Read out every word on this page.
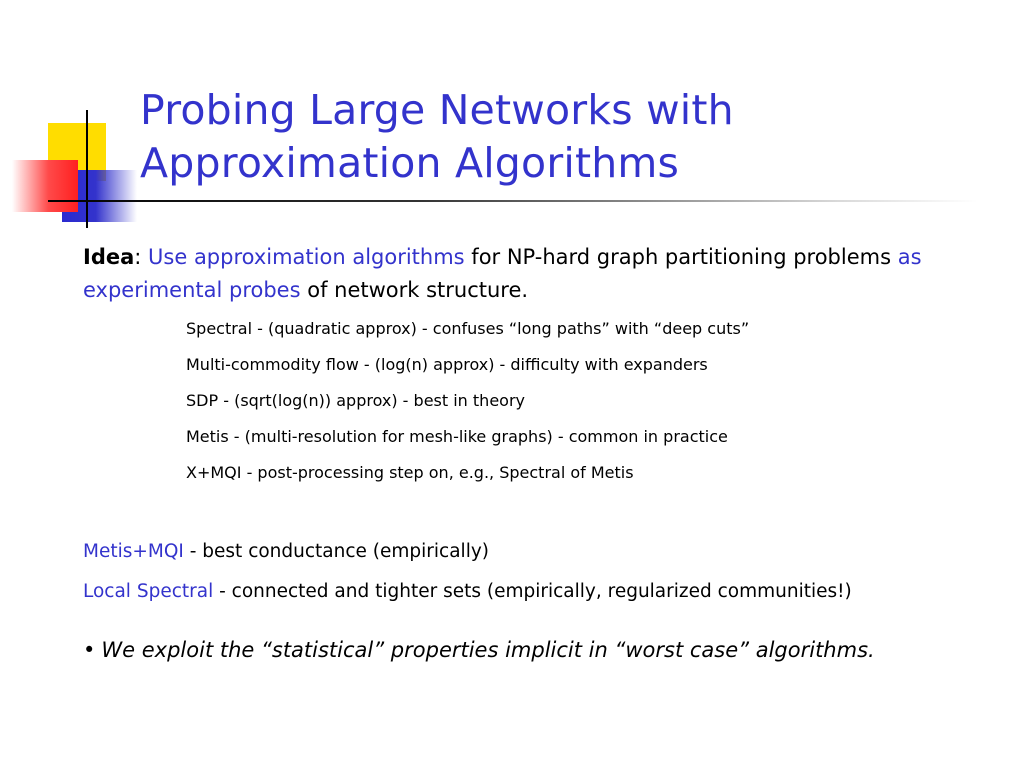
Probing Large Networks with
Approximation Algorithms

Idea: Use approximation algorithms for NP-hard graph partitioning problems as experimental probes of network structure.

Spectral - (quadratic approx) - confuses “long paths” with “deep cuts”
Multi-commodity flow - (log(n) approx) - difficulty with expanders
SDP - (sqrt(log(n)) approx) - best in theory
Metis - (multi-resolution for mesh-like graphs) - common in practice
X+MQI - post-processing step on, e.g., Spectral of Metis

Metis+MQI - best conductance (empirically)

Local Spectral - connected and tighter sets (empirically, regularized communities!)

• We exploit the “statistical” properties implicit in “worst case” algorithms.
